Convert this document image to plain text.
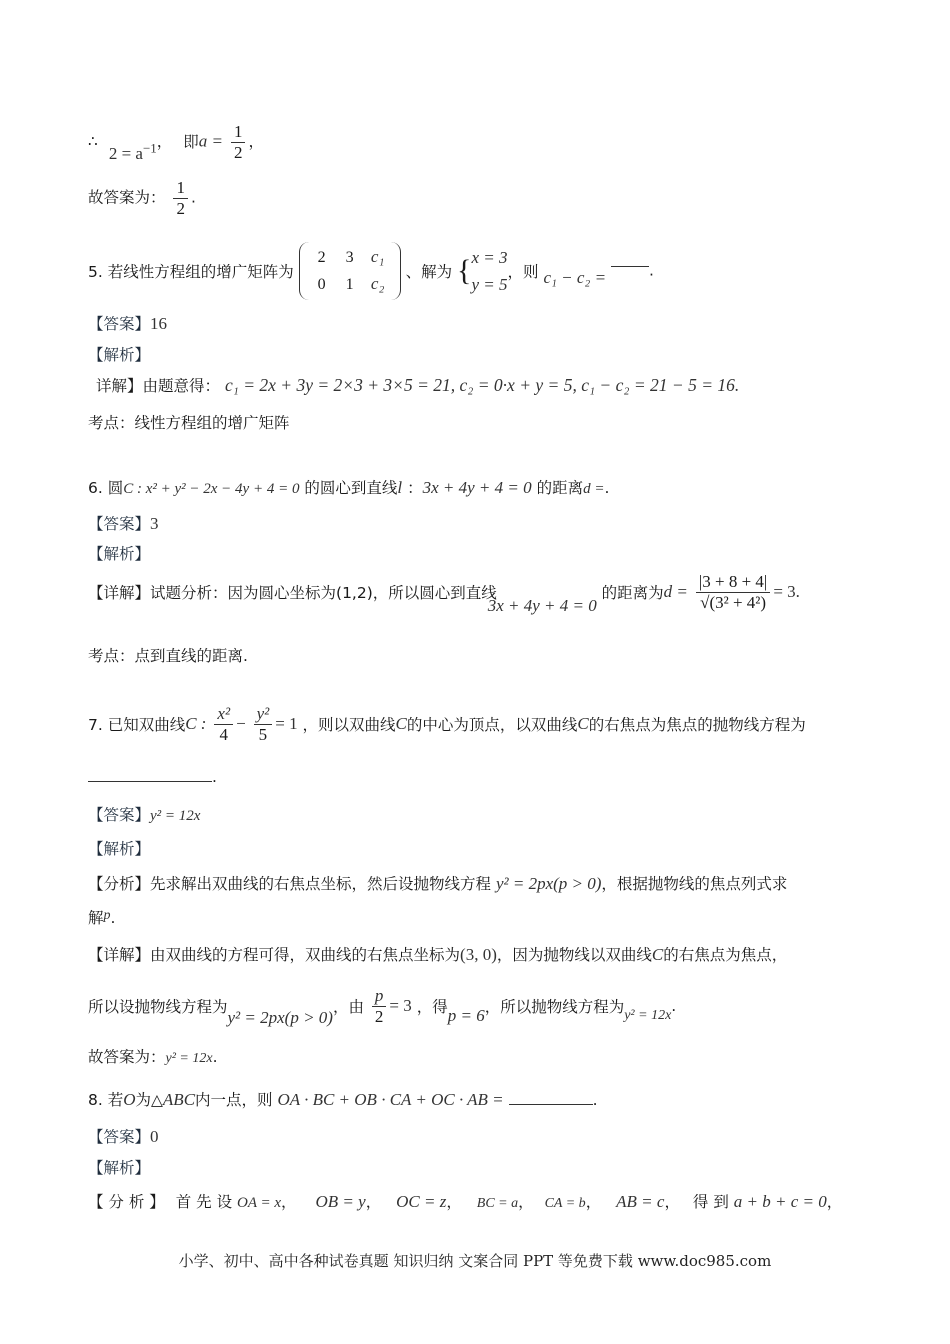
∴ $2 = a^{-1}$， 即$a = \frac{1}{2}$ ，
故答案为： $\frac{1}{2}$ .
5. 若线性方程组的增广矩阵为 2 3 c₁
0 1 c₂ 、解为 {x = 3
y = 5，则 c₁ − c₂ =	.
【答案】16
【解析】
详解】由题意得： c₁ = 2x + 3y = 2×3 + 3×5 = 21, c₂ = 0·x + y = 5, c₁ − c₂ = 21 − 5 = 16.
考点：线性方程组的增广矩阵
6. 圆C : x² + y² − 2x − 4y + 4 = 0 的圆心到直线l ：3x + 4y + 4 = 0 的距离d =.
【答案】3
【解析】
【详解】试题分析：因为圆心坐标为(1,2)，所以圆心到直线 3x + 4y + 4 = 0 的距离为$d = \frac{|3 + 8 + 4|}{\text{√(3² + 4²)}} = 3$.
考点：点到直线的距离.
7. 已知双曲线C : $\frac{\text{x²}}{4} - \frac{\text{y²}}{5} = 1$ ，则以双曲线C的中心为顶点，以双曲线C的右焦点为焦点的抛物线方程为
.
【答案】y² = 12x
【解析】
【分析】先求解出双曲线的右焦点坐标，然后设抛物线方程 y² = 2px(p > 0)，根据抛物线的焦点列式求
解p.
【详解】由双曲线的方程可得，双曲线的右焦点坐标为(3, 0)，因为抛物线以双曲线C的右焦点为焦点，
所以设抛物线方程为y² = 2px(p > 0)，由 $\frac{p}{2} = 3$ ，得p = 6，所以抛物线方程为y² = 12x.
故答案为：y² = 12x.
8. 若O为△ABC内一点，则 OA · BC + OB · CA + OC · AB =	.
【答案】0
【解析】
【 分 析 】 首 先 设 OA = x， OB = y， OC = z， BC = a， CA = b， AB = c， 得 到 a + b + c = 0，
小学、初中、高中各种试卷真题 知识归纳 文案合同 PPT 等免费下载 www.doc985.com
